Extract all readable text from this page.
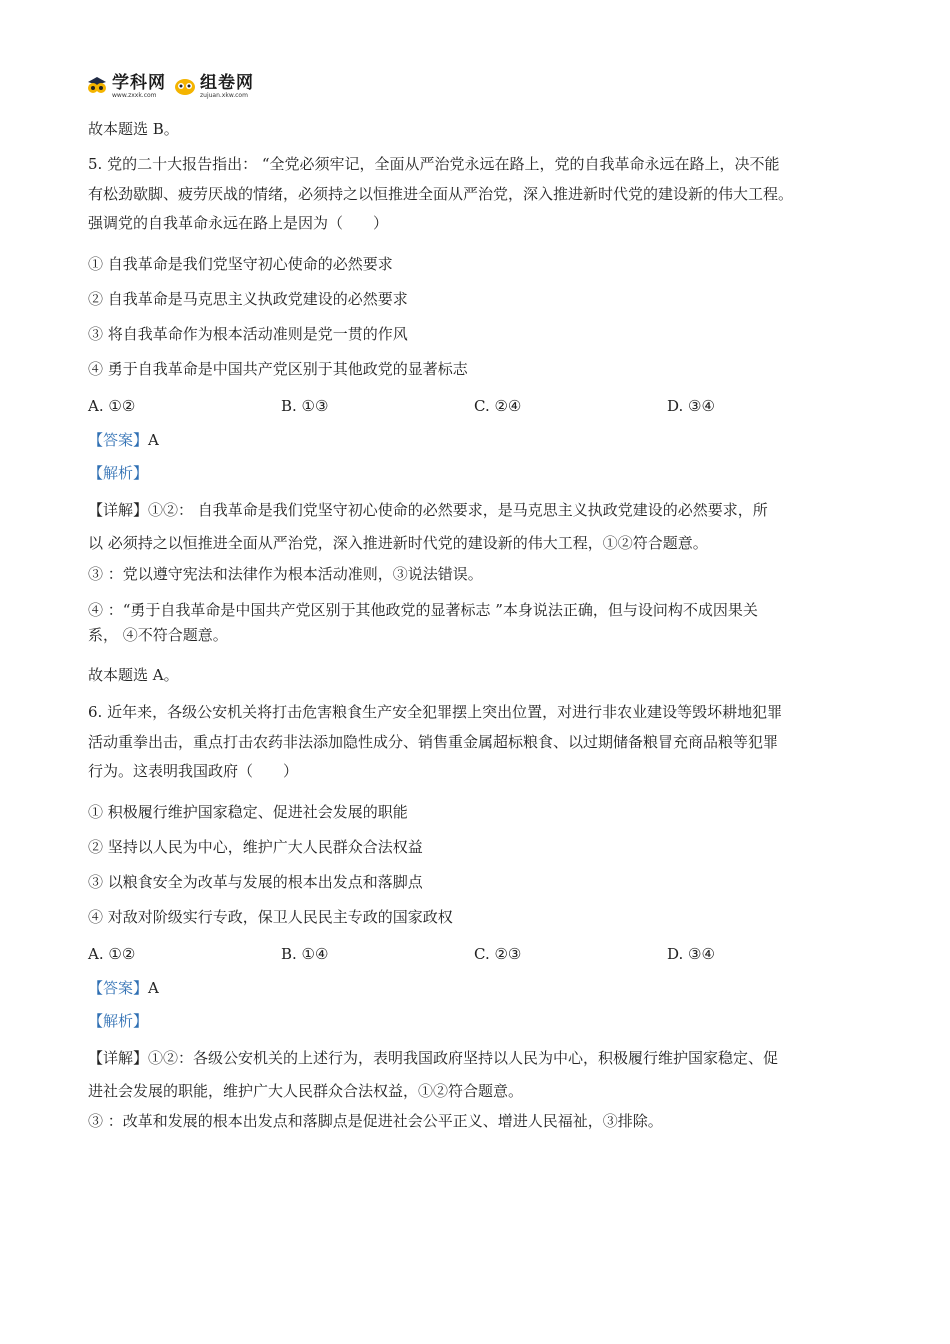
学科网
www.zxxk.com
组卷网
zujuan.xkw.com
故本题选 B。
5. 党的二十大报告指出： “全党必须牢记，全面从严治党永远在路上，党的自我革命永远在路上，决不能
有松劲歇脚、疲劳厌战的情绪，必须持之以恒推进全面从严治党，深入推进新时代党的建设新的伟大工程。
强调党的自我革命永远在路上是因为（　　）
① 自我革命是我们党坚守初心使命的必然要求
② 自我革命是马克思主义执政党建设的必然要求
③ 将自我革命作为根本活动准则是党一贯的作风
④ 勇于自我革命是中国共产党区别于其他政党的显著标志
A. ①②	B. ①③	C. ②④	D. ③④
【答案】A
【解析】
【详解】①②： 自我革命是我们党坚守初心使命的必然要求，是马克思主义执政党建设的必然要求，所
以 必须持之以恒推进全面从严治党，深入推进新时代党的建设新的伟大工程，①②符合题意。
③ ：党以遵守宪法和法律作为根本活动准则，③说法错误。
④ ：“勇于自我革命是中国共产党区别于其他政党的显著标志 ”本身说法正确，但与设问构不成因果关
系， ④不符合题意。
故本题选 A。
6. 近年来，各级公安机关将打击危害粮食生产安全犯罪摆上突出位置，对进行非农业建设等毁坏耕地犯罪
活动重拳出击，重点打击农药非法添加隐性成分、销售重金属超标粮食、以过期储备粮冒充商品粮等犯罪
行为。这表明我国政府（　　）
① 积极履行维护国家稳定、促进社会发展的职能
② 坚持以人民为中心，维护广大人民群众合法权益
③ 以粮食安全为改革与发展的根本出发点和落脚点
④ 对敌对阶级实行专政，保卫人民民主专政的国家政权
A. ①②	B. ①④	C. ②③	D. ③④
【答案】A
【解析】
【详解】①②：各级公安机关的上述行为，表明我国政府坚持以人民为中心，积极履行维护国家稳定、促
进社会发展的职能，维护广大人民群众合法权益，①②符合题意。
③ ：改革和发展的根本出发点和落脚点是促进社会公平正义、增进人民福祉，③排除。
